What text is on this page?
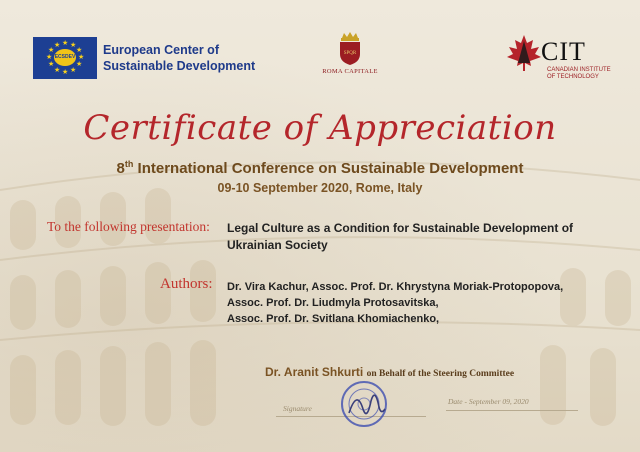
★ ★
★
★
★
★
★
★
★
★
★
★
ECSDEV European Center of
Sustainable Development
SPQR
ROMA CAPITALE
CIT
CANADIAN INSTITUTE
OF TECHNOLOGY
Certificate of Appreciation
8th International Conference on Sustainable Development
09-10 September 2020, Rome, Italy
To the following presentation: Legal Culture as a Condition for Sustainable Development of
Ukrainian Society
Authors: Dr. Vira Kachur, Assoc. Prof. Dr. Khrystyna Moriak-Protopopova,
Assoc. Prof. Dr. Liudmyla Protosavitska,
Assoc. Prof. Dr. Svitlana Khomiachenko,
Dr. Aranit Shkurti on Behalf of the Steering Committee
Signature
Date - September 09, 2020
